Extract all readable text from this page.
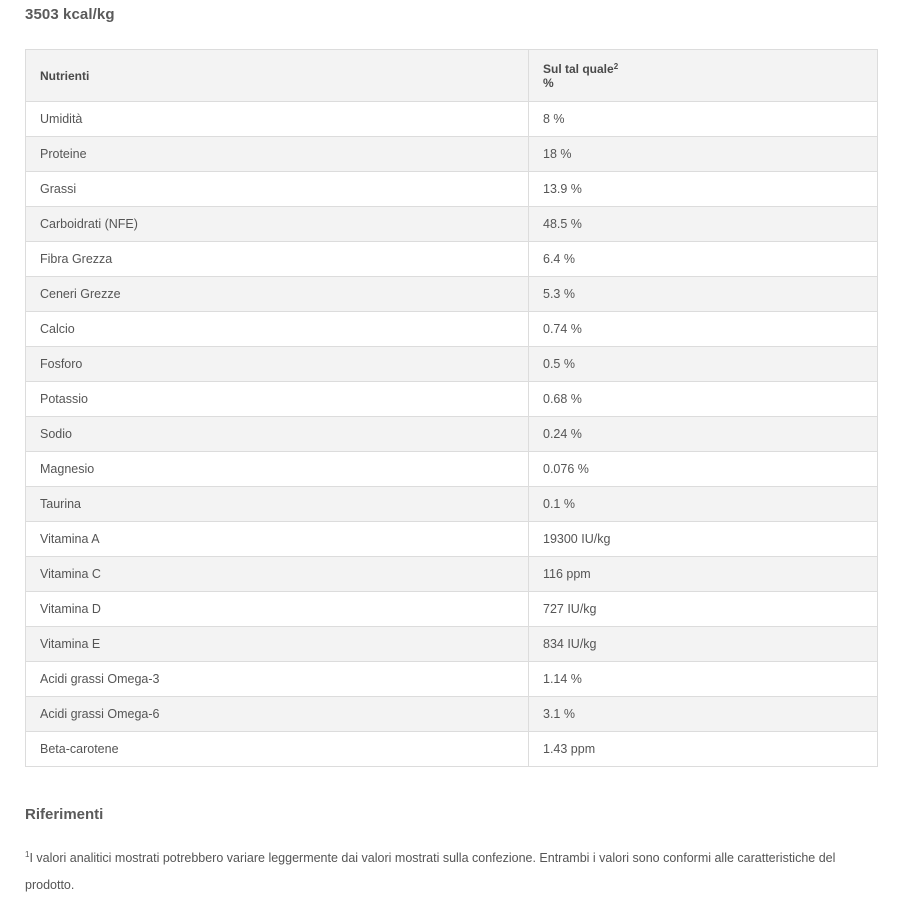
3503 kcal/kg
Nutrienti	Sul tal quale$^2$
%

Umidità	8 %
Proteine	18 %
Grassi	13.9 %
Carboidrati (NFE)	48.5 %
Fibra Grezza	6.4 %
Ceneri Grezze	5.3 %
Calcio	0.74 %
Fosforo	0.5 %
Potassio	0.68 %
Sodio	0.24 %
Magnesio	0.076 %
Taurina	0.1 %
Vitamina A	19300 IU/kg
Vitamina C	116 ppm
Vitamina D	727 IU/kg
Vitamina E	834 IU/kg
Acidi grassi Omega-3	1.14 %
Acidi grassi Omega-6	3.1 %
Beta-carotene	1.43 ppm
Riferimenti
$^1$I valori analitici mostrati potrebbero variare leggermente dai valori mostrati sulla confezione. Entrambi i valori sono conformi alle caratteristiche del prodotto.
